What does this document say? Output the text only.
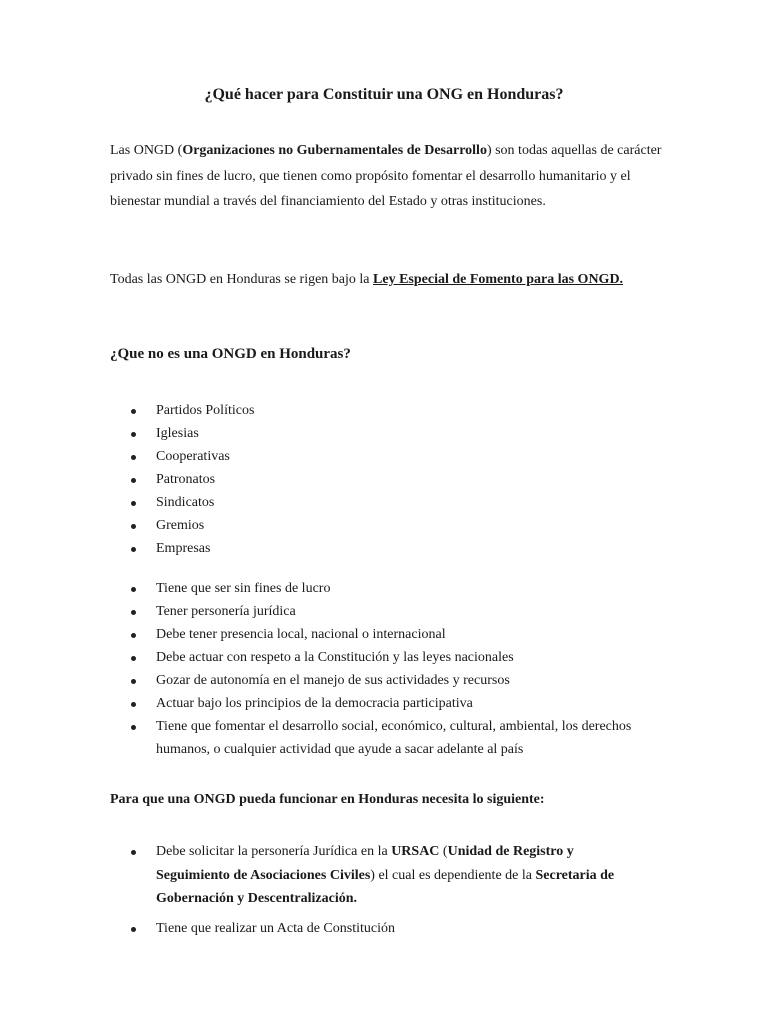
¿Qué hacer para Constituir una ONG en Honduras?

Las ONGD (Organizaciones no Gubernamentales de Desarrollo) son todas aquellas de carácter privado sin fines de lucro, que tienen como propósito fomentar el desarrollo humanitario y el bienestar mundial a través del financiamiento del Estado y otras instituciones.

Todas las ONGD en Honduras se rigen bajo la Ley Especial de Fomento para las ONGD.

¿Que no es una ONGD en Honduras?
Partidos Políticos
Iglesias
Cooperativas
Patronatos
Sindicatos
Gremios
Empresas
Tiene que ser sin fines de lucro
Tener personería jurídica
Debe tener presencia local, nacional o internacional
Debe actuar con respeto a la Constitución y las leyes nacionales
Gozar de autonomía en el manejo de sus actividades y recursos
Actuar bajo los principios de la democracia participativa
Tiene que fomentar el desarrollo social, económico, cultural, ambiental, los derechos humanos, o cualquier actividad que ayude a sacar adelante al país
Para que una ONGD pueda funcionar en Honduras necesita lo siguiente:
Debe solicitar la personería Jurídica en la URSAC (Unidad de Registro y Seguimiento de Asociaciones Civiles) el cual es dependiente de la Secretaria de Gobernación y Descentralización.
Tiene que realizar un Acta de Constitución
